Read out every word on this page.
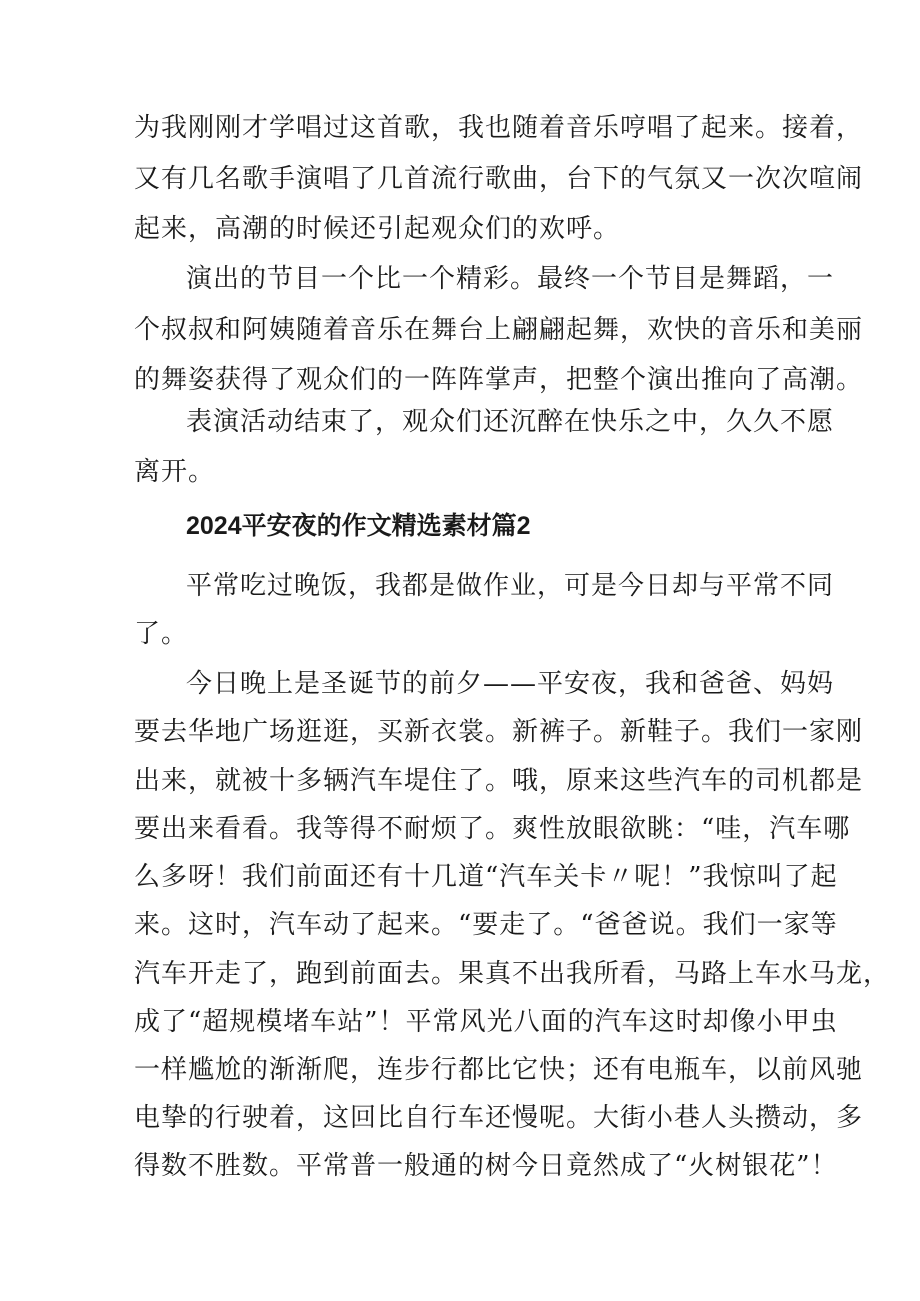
为我刚刚才学唱过这首歌，我也随着音乐哼唱了起来。接着，
又有几名歌手演唱了几首流行歌曲，台下的气氛又一次次喧闹
起来，高潮的时候还引起观众们的欢呼。
演出的节目一个比一个精彩。最终一个节目是舞蹈，一
个叔叔和阿姨随着音乐在舞台上翩翩起舞，欢快的音乐和美丽
的舞姿获得了观众们的一阵阵掌声，把整个演出推向了高潮。
表演活动结束了，观众们还沉醉在快乐之中，久久不愿
离开。
2024平安夜的作文精选素材篇2
平常吃过晚饭，我都是做作业，可是今日却与平常不同
了。
今日晚上是圣诞节的前夕——平安夜，我和爸爸、妈妈
要去华地广场逛逛，买新衣裳。新裤子。新鞋子。我们一家刚
出来，就被十多辆汽车堤住了。哦，原来这些汽车的司机都是
要出来看看。我等得不耐烦了。爽性放眼欲眺：“哇，汽车哪
么多呀！我们前面还有十几道“汽车关卡〃呢！”我惊叫了起
来。这时，汽车动了起来。“要走了。“爸爸说。我们一家等
汽车开走了，跑到前面去。果真不出我所看，马路上车水马龙，
成了“超规模堵车站”！平常风光八面的汽车这时却像小甲虫
一样尴尬的渐渐爬，连步行都比它快；还有电瓶车，以前风驰
电挚的行驶着，这回比自行车还慢呢。大街小巷人头攒动，多
得数不胜数。平常普一般通的树今日竟然成了“火树银花”！
